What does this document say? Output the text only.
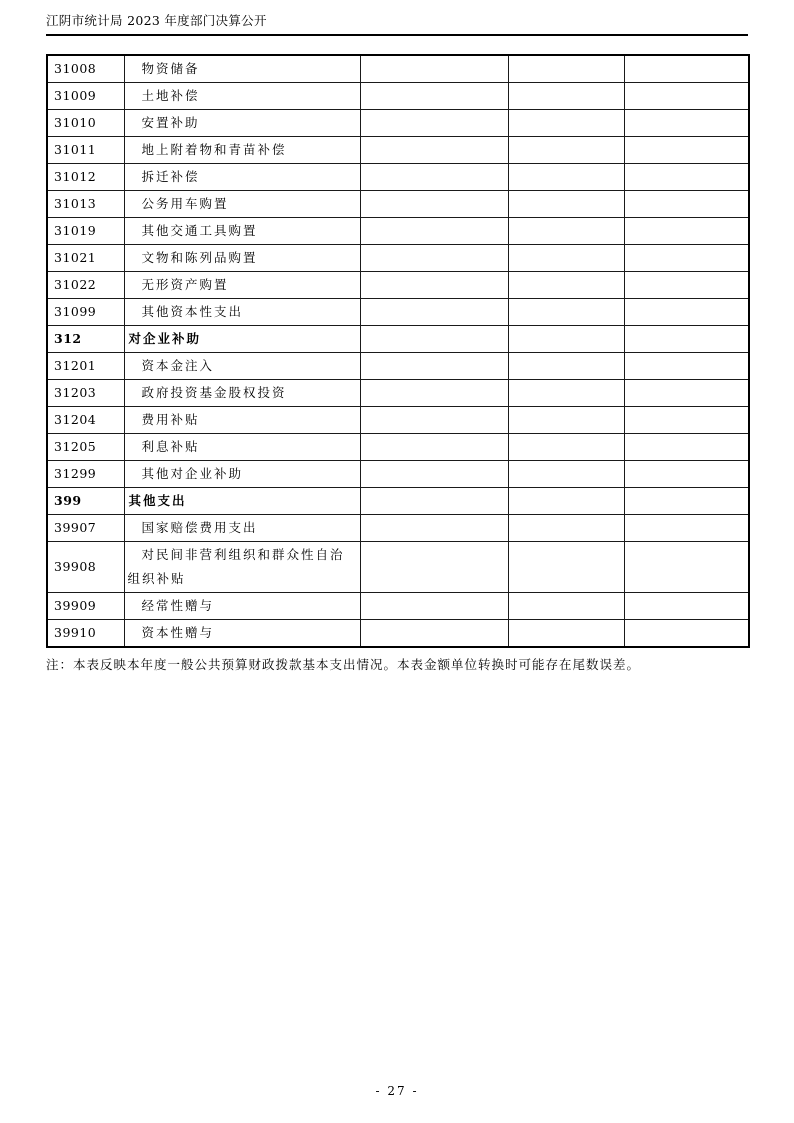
江阴市统计局 2023 年度部门决算公开
31008	物资储备			
31009	土地补偿			
31010	安置补助			
31011	地上附着物和青苗补偿			
31012	拆迁补偿			
31013	公务用车购置			
31019	其他交通工具购置			
31021	文物和陈列品购置			
31022	无形资产购置			
31099	其他资本性支出			
312	对企业补助			
31201	资本金注入			
31203	政府投资基金股权投资			
31204	费用补贴			
31205	利息补贴			
31299	其他对企业补助			
399	其他支出			
39907	国家赔偿费用支出			
39908	对民间非营利组织和群众性自治组织补贴			
39909	经常性赠与			
39910	资本性赠与			

注：本表反映本年度一般公共预算财政拨款基本支出情况。本表金额单位转换时可能存在尾数误差。

- 27 -
